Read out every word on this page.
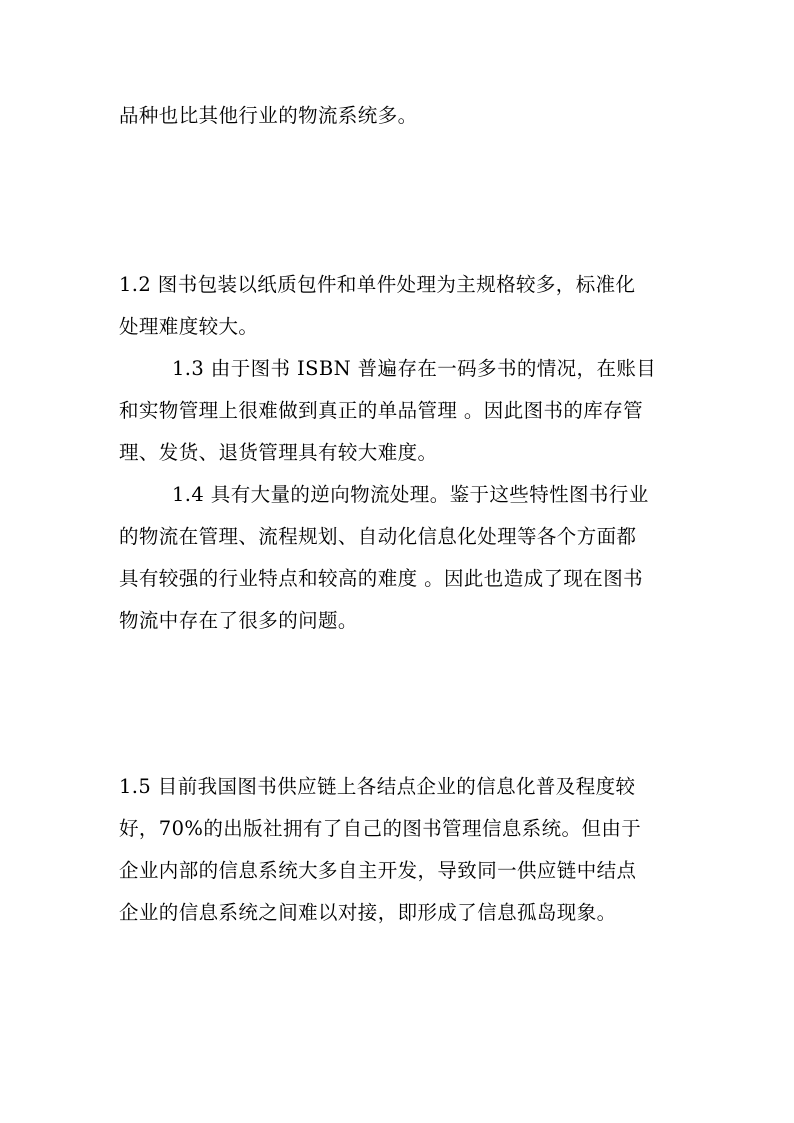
品种也比其他行业的物流系统多。
1.2 图书包装以纸质包件和单件处理为主规格较多，标准化
处理难度较大。
1.3 由于图书 ISBN 普遍存在一码多书的情况，在账目
和实物管理上很难做到真正的单品管理 。因此图书的库存管
理、发货、退货管理具有较大难度。
1.4 具有大量的逆向物流处理。鉴于这些特性图书行业
的物流在管理、流程规划、自动化信息化处理等各个方面都
具有较强的行业特点和较高的难度 。因此也造成了现在图书
物流中存在了很多的问题。
1.5 目前我国图书供应链上各结点企业的信息化普及程度较
好，70%的出版社拥有了自己的图书管理信息系统。但由于
企业内部的信息系统大多自主开发，导致同一供应链中结点
企业的信息系统之间难以对接，即形成了信息孤岛现象。
